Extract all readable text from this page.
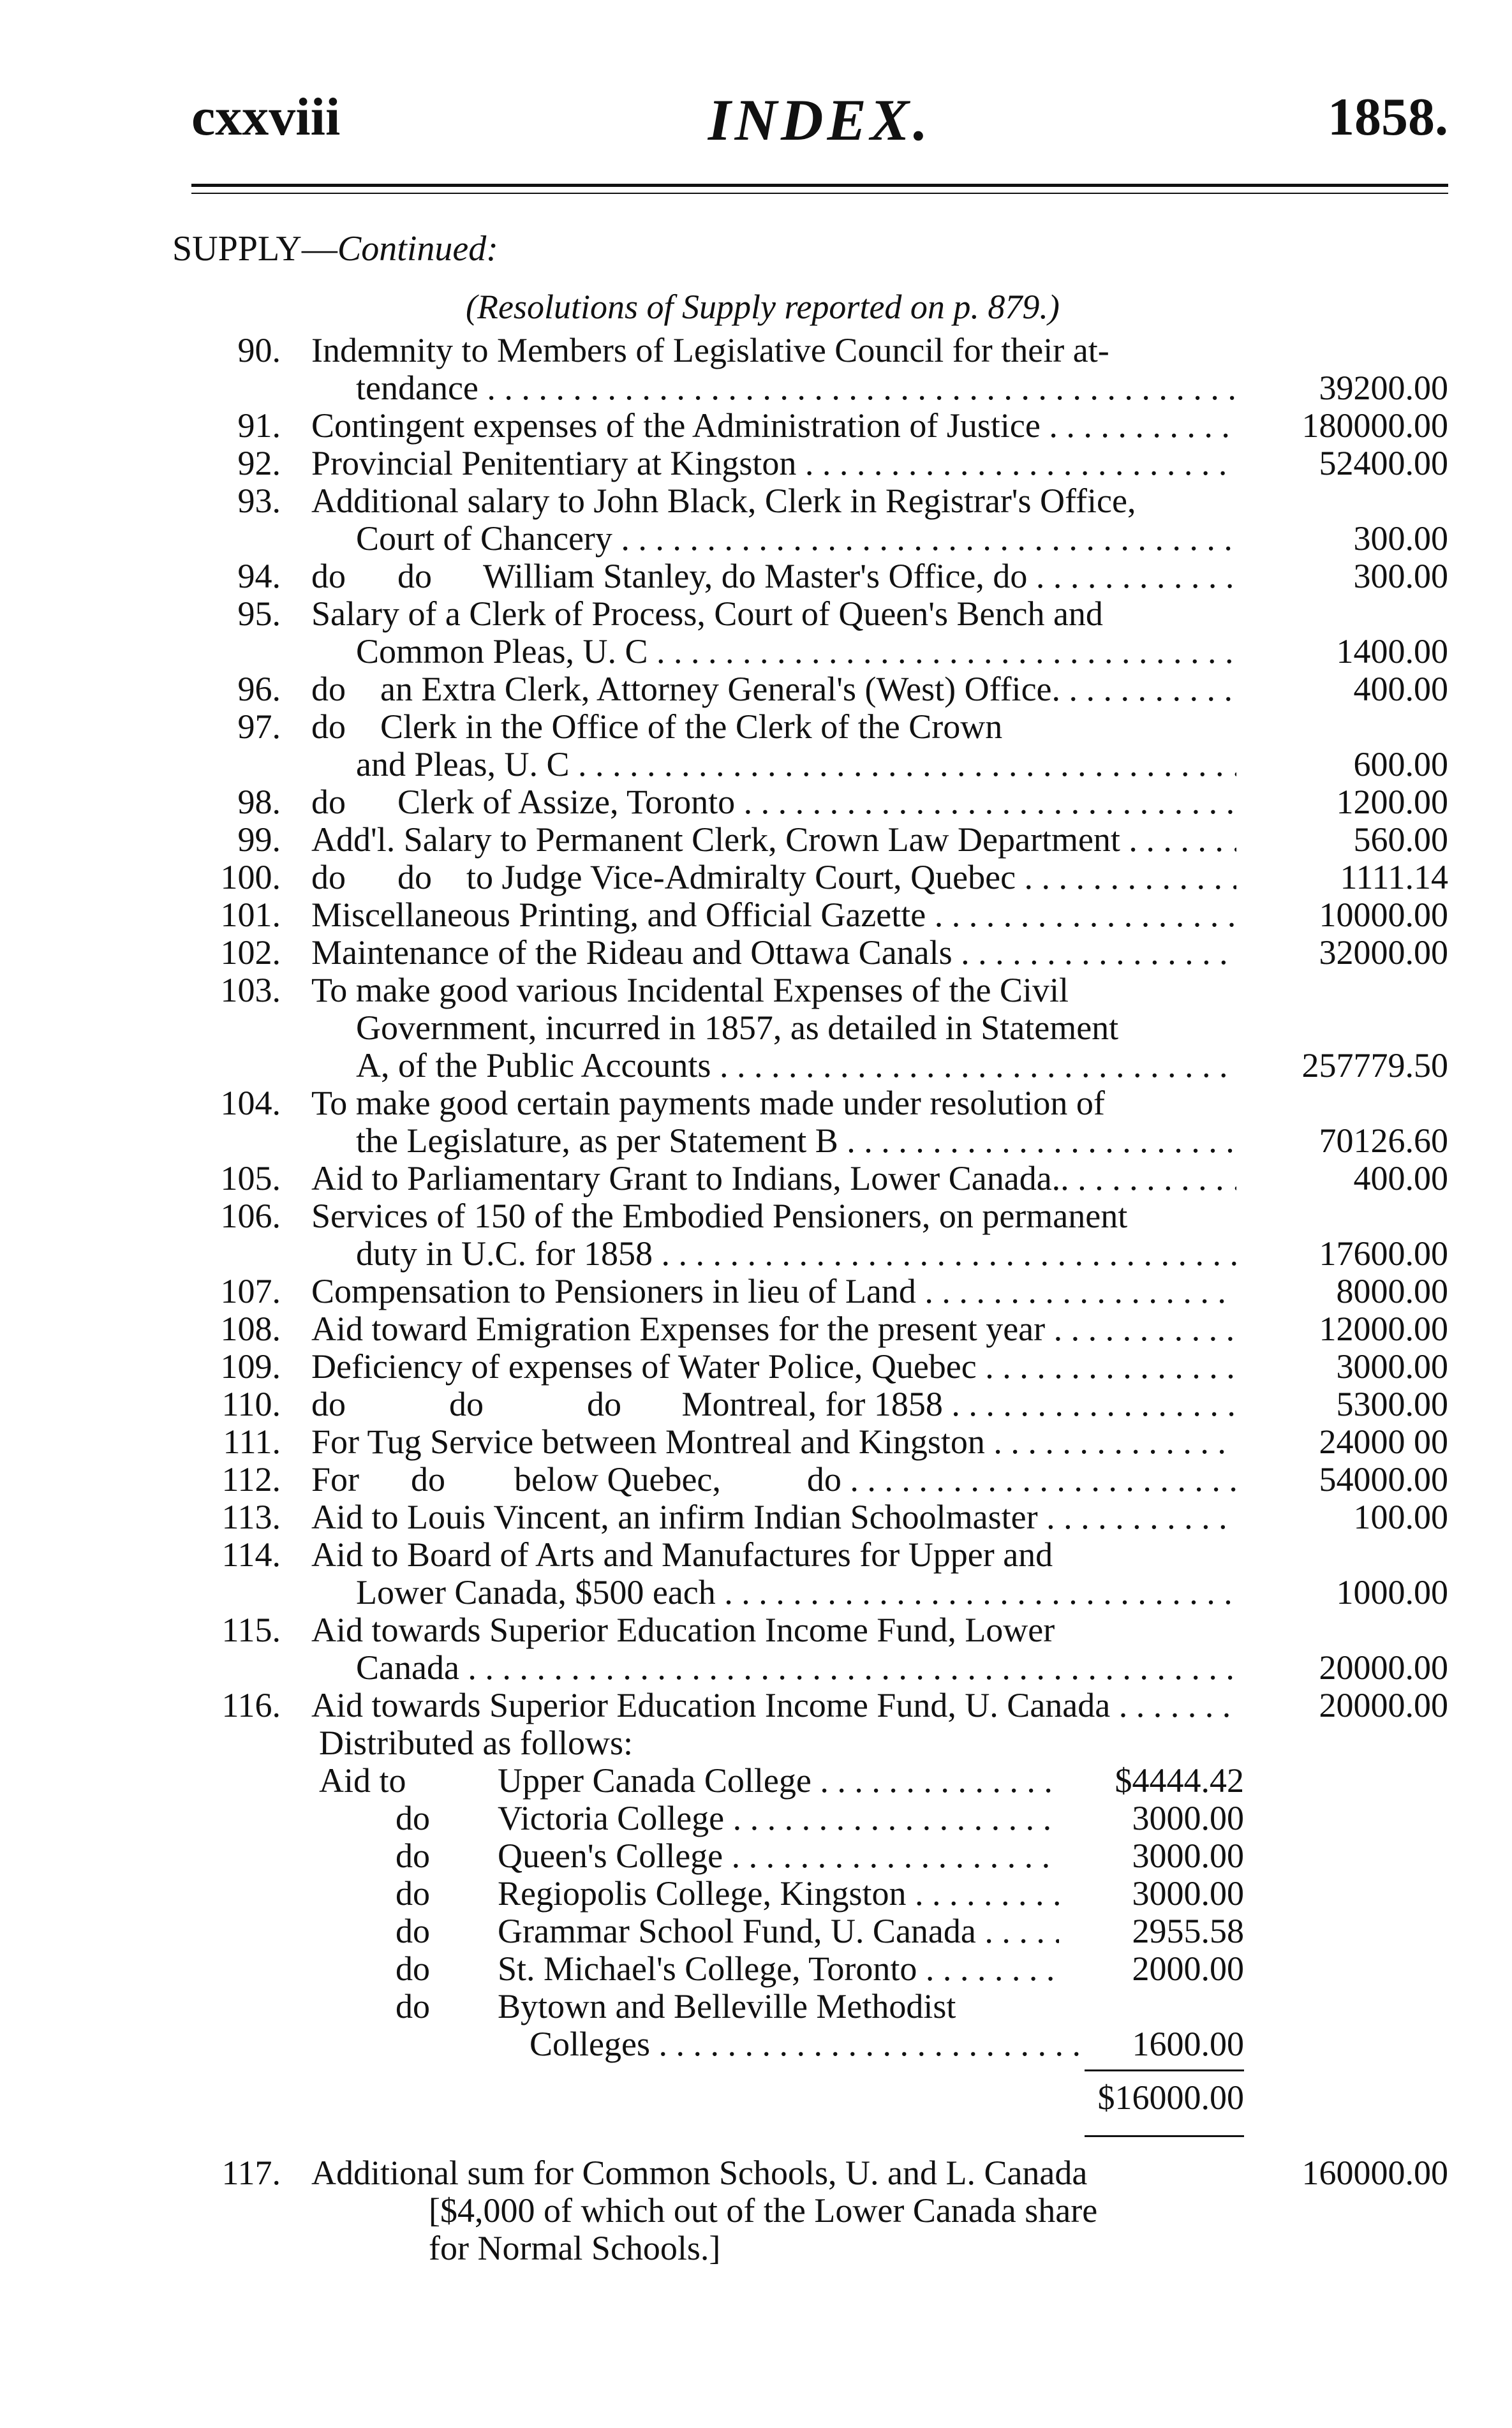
cxxviii	INDEX.	1858.
SUPPLY—Continued:
(Resolutions of Supply reported on p. 879.)
90. Indemnity to Members of Legislative Council for their at-
tendance . . .	39200.00
91. Contingent expenses of the Administration of Justice . . .	180000.00
92. Provincial Penitentiary at Kingston . . .	52400.00
93. Additional salary to John Black, Clerk in Registrar's Office,
Court of Chancery . . .	300.00
94. do      do      William Stanley, do Master's Office, do . . .	300.00
95. Salary of a Clerk of Process, Court of Queen's Bench and
Common Pleas, U. C . . .	1400.00
96. do    an Extra Clerk, Attorney General's (West) Office. . . .	400.00
97. do    Clerk in the Office of the Clerk of the Crown
and Pleas, U. C . . .	600.00
98. do      Clerk of Assize, Toronto . . .	1200.00
99. Add'l. Salary to Permanent Clerk, Crown Law Department . . .	560.00
100. do      do    to Judge Vice-Admiralty Court, Quebec . . .	1111.14
101. Miscellaneous Printing, and Official Gazette . . .	10000.00
102. Maintenance of the Rideau and Ottawa Canals . . .	32000.00
103. To make good various Incidental Expenses of the Civil
Government, incurred in 1857, as detailed in Statement
A, of the Public Accounts . . .	257779.50
104. To make good certain payments made under resolution of
the Legislature, as per Statement B . . .	70126.60
105. Aid to Parliamentary Grant to Indians, Lower Canada.. . . .	400.00
106. Services of 150 of the Embodied Pensioners, on permanent
duty in U.C. for 1858 . . .	17600.00
107. Compensation to Pensioners in lieu of Land . . .	8000.00
108. Aid toward Emigration Expenses for the present year . . .	12000.00
109. Deficiency of expenses of Water Police, Quebec . . .	3000.00
110. do            do            do       Montreal, for 1858 . . .	5300.00
111. For Tug Service between Montreal and Kingston . . .	24000 00
112. For      do        below Quebec,          do . . .	54000.00
113. Aid to Louis Vincent, an infirm Indian Schoolmaster . . .	100.00
114. Aid to Board of Arts and Manufactures for Upper and
Lower Canada, $500 each . . .	1000.00
115. Aid towards Superior Education Income Fund, Lower
Canada . . .	20000.00
116. Aid towards Superior Education Income Fund, U. Canada . . .	20000.00
Distributed as follows:
Aid to	Upper Canada College . . .	$4444.42
do Victoria College . . .	3000.00
do Queen's College . . .	3000.00
do Regiopolis College, Kingston . . .	3000.00
do Grammar School Fund, U. Canada . . .	2955.58
do St. Michael's College, Toronto . . .	2000.00
do Bytown and Belleville Methodist
Colleges . . .	1600.00
$16000.00
117. Additional sum for Common Schools, U. and L. Canada	160000.00
[$4,000 of which out of the Lower Canada share
for Normal Schools.]
